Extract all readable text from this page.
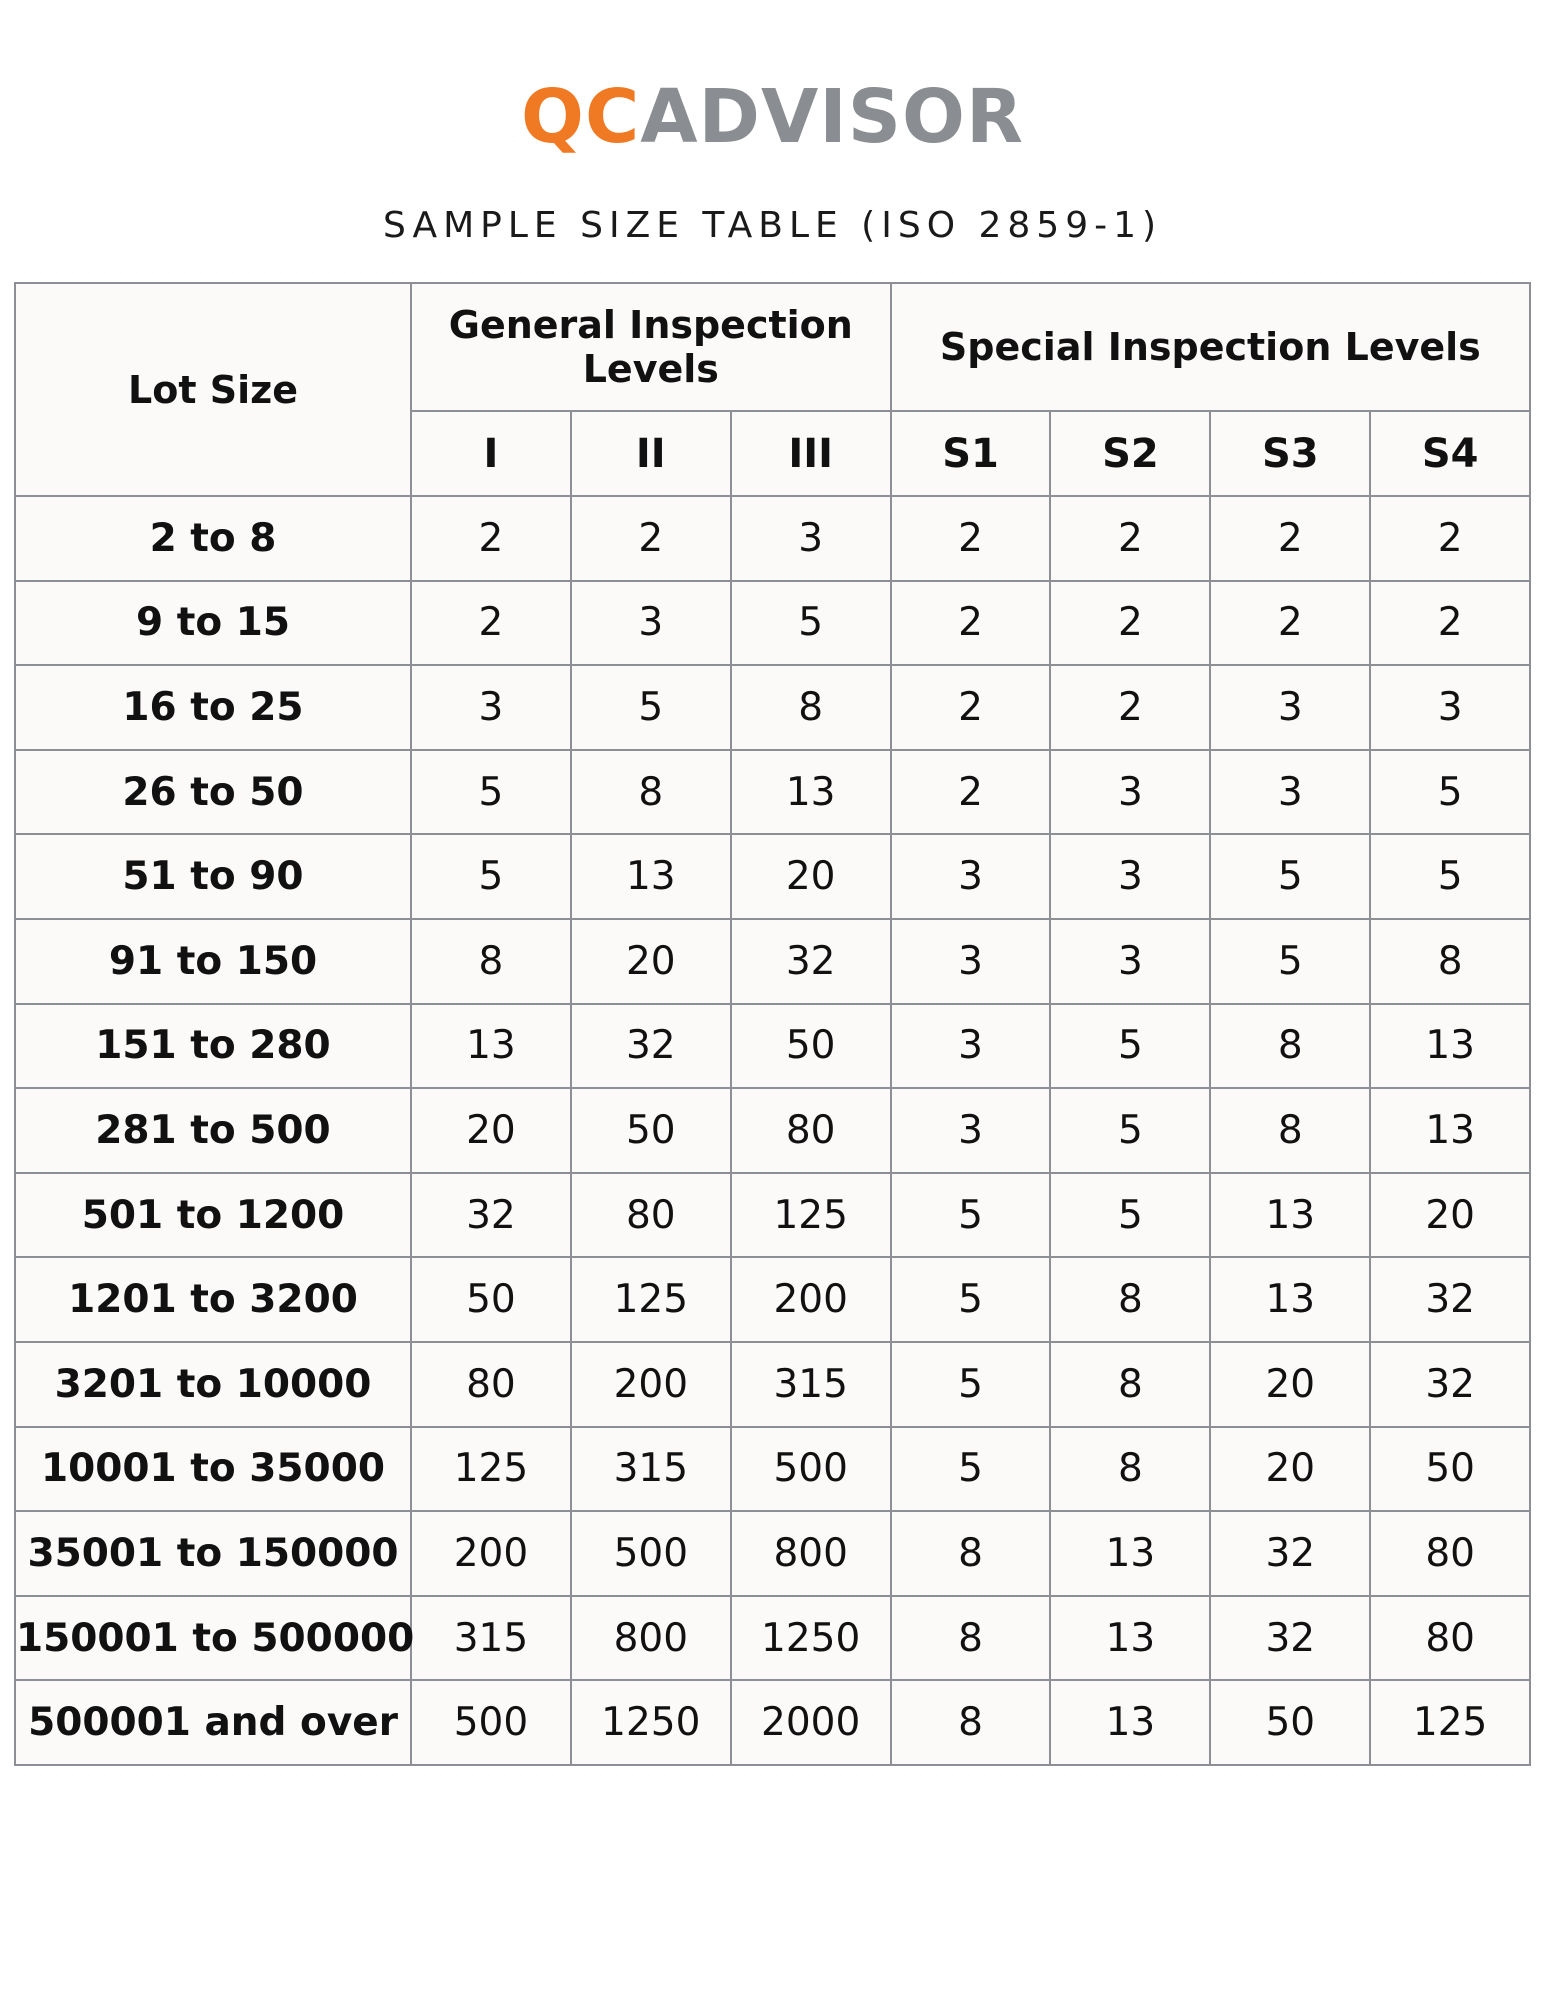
QCADVISOR
SAMPLE SIZE TABLE (ISO 2859-1)
Lot Size	General Inspection Levels			Special Inspection Levels			
	I	II	III	S1	S2	S3	S4
2 to 8	2	2	3	2	2	2	2
9 to 15	2	3	5	2	2	2	2
16 to 25	3	5	8	2	2	3	3
26 to 50	5	8	13	2	3	3	5
51 to 90	5	13	20	3	3	5	5
91 to 150	8	20	32	3	3	5	8
151 to 280	13	32	50	3	5	8	13
281 to 500	20	50	80	3	5	8	13
501 to 1200	32	80	125	5	5	13	20
1201 to 3200	50	125	200	5	8	13	32
3201 to 10000	80	200	315	5	8	20	32
10001 to 35000	125	315	500	5	8	20	50
35001 to 150000	200	500	800	8	13	32	80
150001 to 500000	315	800	1250	8	13	32	80
500001 and over	500	1250	2000	8	13	50	125
